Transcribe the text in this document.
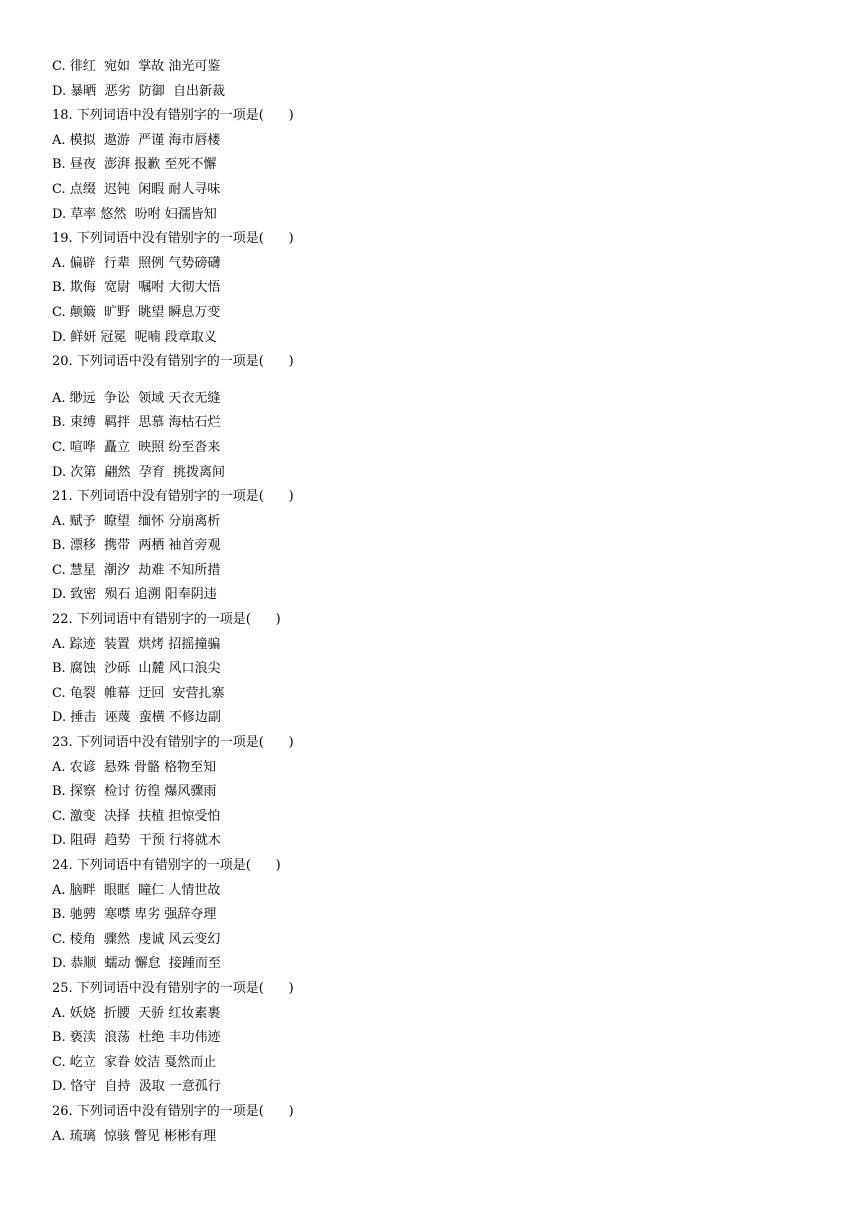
C. 徘红  宛如  掌故 油光可鉴
D. 暴晒  恶劣  防御  自出新裁
18. 下列词语中没有错别字的一项是(      )
A. 模拟  遨游  严谨 海市唇楼
B. 昼夜  澎湃 报歉 至死不懈
C. 点缀  迟钝  闲暇 耐人寻味
D. 草率 悠然  吩咐 妇孺皆知
19. 下列词语中没有错别字的一项是(      )
A. 偏辟  行辈  照例 气势磅礴
B. 欺侮  宽尉  嘱咐 大彻大悟
C. 颠簸  旷野  眺望 瞬息万变
D. 鲜妍 冠冕  呢喃 段章取义
20. 下列词语中没有错别字的一项是(      )
A. 缈远  争讼  领域 天衣无缝
B. 束缚  羁拌  思慕 海枯石烂
C. 喧哗  矗立  映照 纷至沓来
D. 次第  翩然  孕育  挑拨离间
21. 下列词语中没有错别字的一项是(      )
A. 赋予  瞭望  缅怀 分崩离析
B. 漂移  携带  两栖 袖首旁观
C. 慧星  潮汐  劫难 不知所措
D. 致密  殒石 追溯 阳奉阴违
22. 下列词语中有错别字的一项是(      )
A. 踪迹  装置  烘烤 招摇撞骗
B. 腐蚀  沙砾  山麓 风口浪尖
C. 龟裂  帷幕  迂回  安营扎寨
D. 捶击  诬蔑  蛮横 不修边副
23. 下列词语中没有错别字的一项是(      )
A. 农谚  悬殊 骨骼 格物至知
B. 探察  检讨 彷徨 爆风骤雨
C. 激变  决择  扶植 担惊受怕
D. 阻碍  趋势  干预 行将就木
24. 下列词语中有错别字的一项是(      )
A. 脑畔  眼眶  瞳仁 人情世故
B. 驰骋  寒噤 卑劣 强辞夺理
C. 棱角  骤然  虔诚 风云变幻
D. 恭顺  蠕动 懈怠  接踵而至
25. 下列词语中没有错别字的一项是(      )
A. 妖娆  折腰  天骄 红妆素裹
B. 亵渎  浪荡  杜绝 丰功伟迹
C. 屹立  家眷 姣洁 戛然而止
D. 恪守  自持  汲取 一意孤行
26. 下列词语中没有错别字的一项是(      )
A. 琉璃  惊骇 瞥见 彬彬有理
